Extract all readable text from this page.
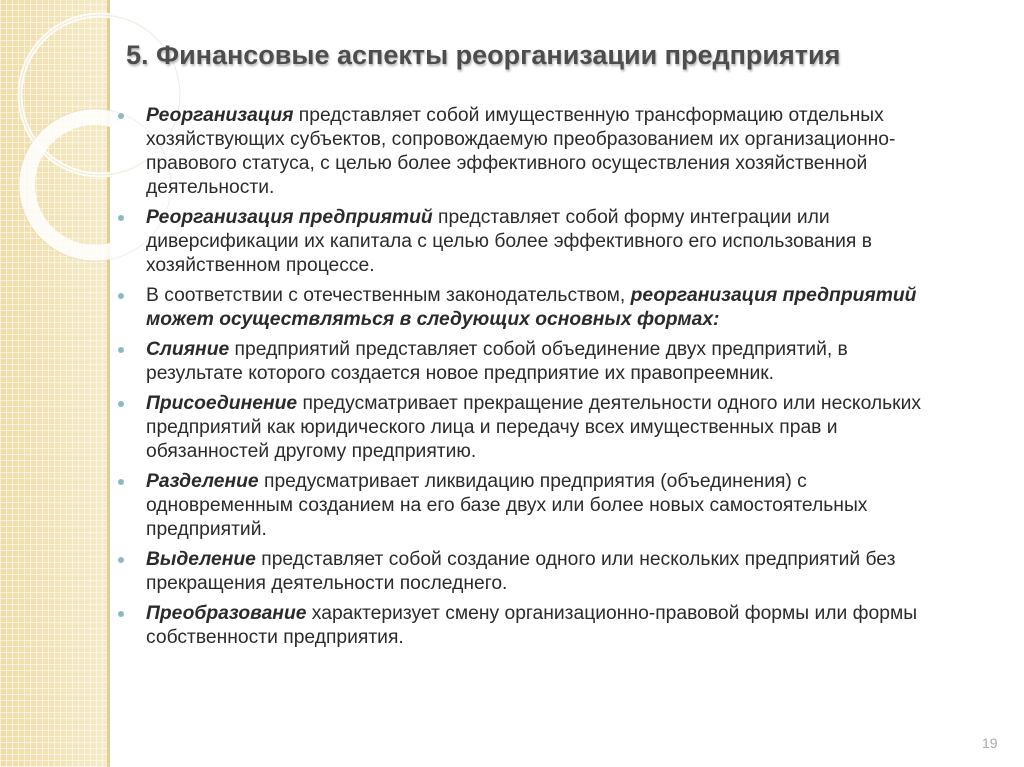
5. Финансовые аспекты реорганизации предприятия
Реорганизация представляет собой имущественную трансформацию отдельных хозяйствующих субъектов, сопровождаемую преобразованием их организационно-правового статуса, с целью более эффективного осуществления хозяйственной деятельности.
Реорганизация предприятий представляет собой форму интеграции или диверсификации их капитала с целью более эффективного его использования в хозяйственном процессе.
В соответствии с отечественным законодательством, реорганизация предприятий может осуществляться в следующих основных формах:
Слияние предприятий представляет собой объединение двух предприятий, в результате которого создается новое предприятие их правопреемник.
Присоединение предусматривает прекращение деятельности одного или нескольких предприятий как юридического лица и передачу всех имущественных прав и обязанностей другому предприятию.
Разделение предусматривает ликвидацию предприятия (объединения) с одновременным созданием на его базе двух или более новых самостоятельных предприятий.
Выделение представляет собой создание одного или нескольких предприятий без прекращения деятельности последнего.
Преобразование характеризует смену организационно-правовой формы или формы собственности предприятия.
19
